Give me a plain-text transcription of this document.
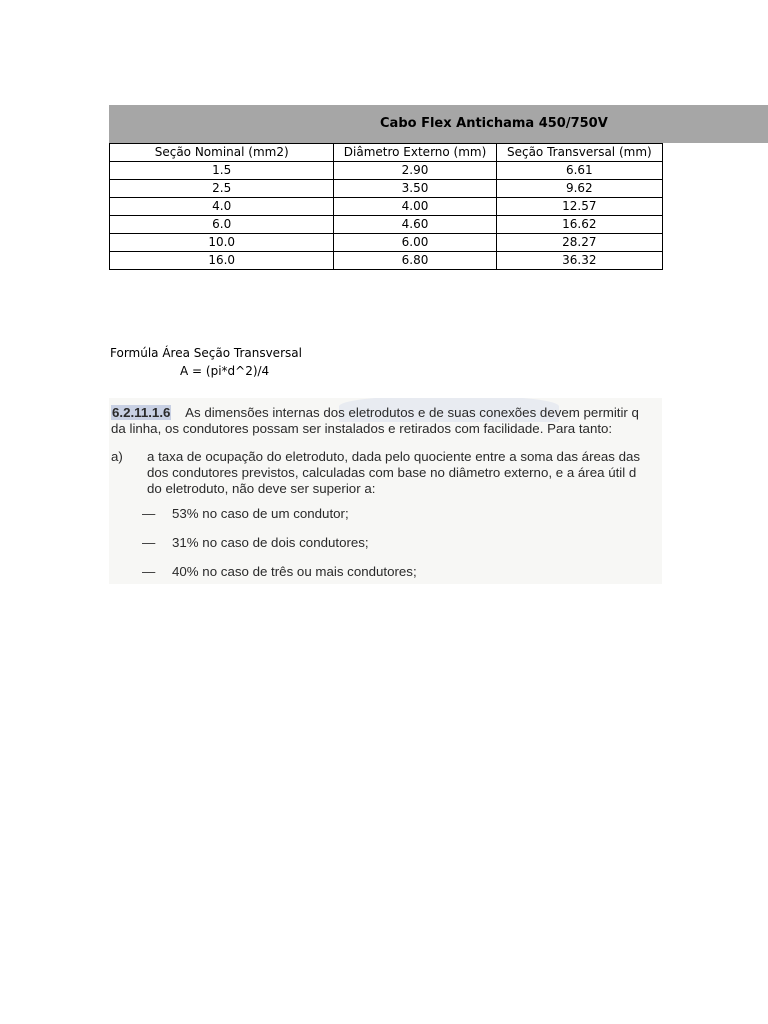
Cabo Flex Antichama 450/750V
Seção Nominal (mm2)	Diâmetro Externo (mm)	Seção Transversal (mm)
1.5	2.90	6.61
2.5	3.50	9.62
4.0	4.00	12.57
6.0	4.60	16.62
10.0	6.00	28.27
16.0	6.80	36.32
Formúla Área Seção Transversal
A = (pi*d^2)/4
6.2.11.1.6 As dimensões internas dos eletrodutos e de suas conexões devem permitir q
da linha, os condutores possam ser instalados e retirados com facilidade. Para tanto:
a) a taxa de ocupação do eletroduto, dada pelo quociente entre a soma das áreas das
dos condutores previstos, calculadas com base no diâmetro externo, e a área útil d
do eletroduto, não deve ser superior a:
— 53% no caso de um condutor;
— 31% no caso de dois condutores;
— 40% no caso de três ou mais condutores;
